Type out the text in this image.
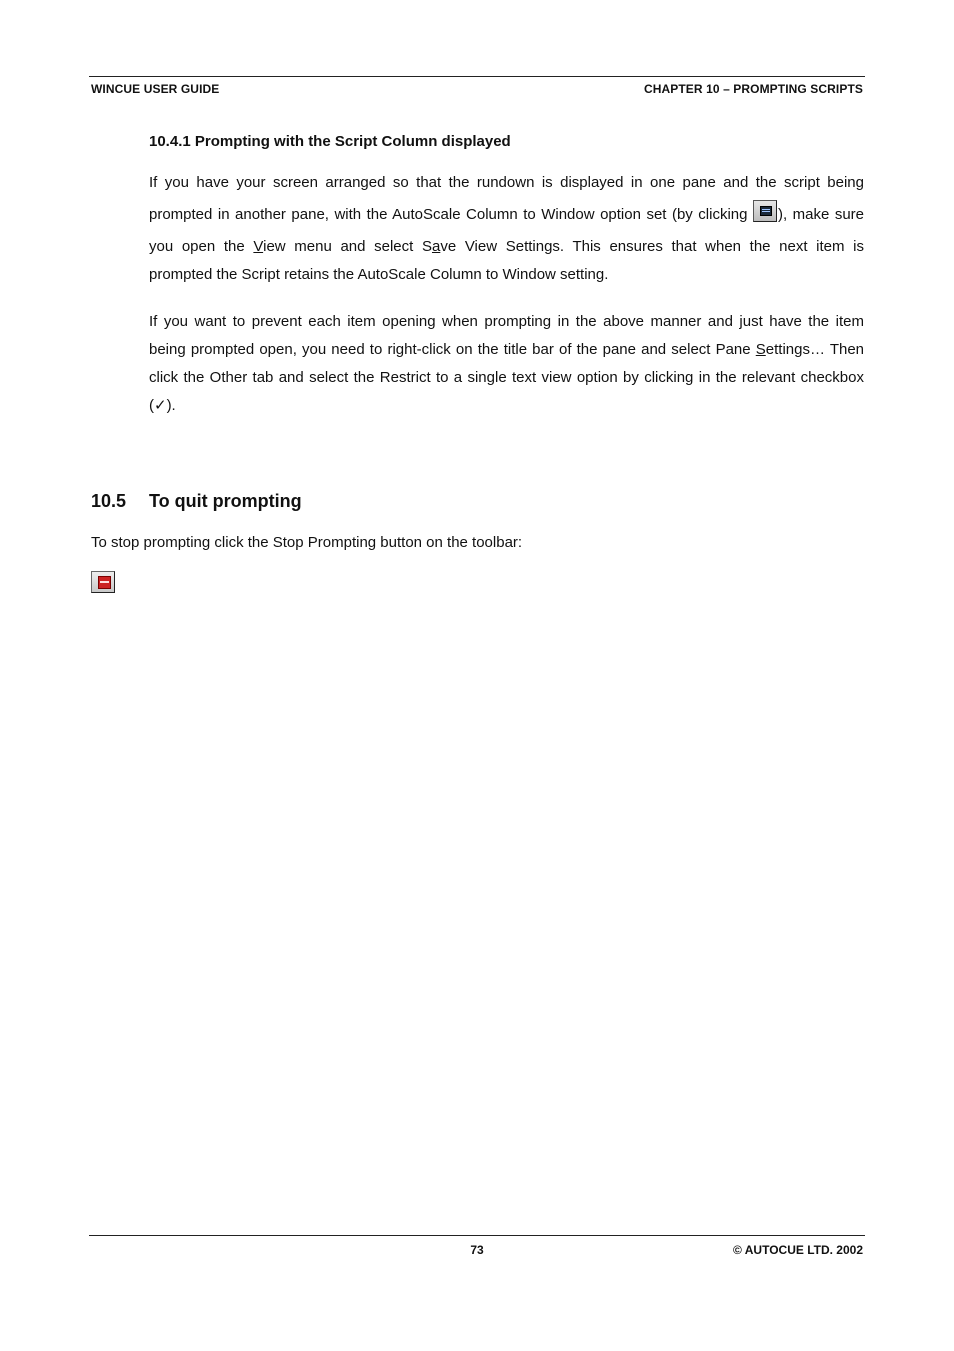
WINCUE USER GUIDE	CHAPTER 10 – PROMPTING SCRIPTS
10.4.1 Prompting with the Script Column displayed
If you have your screen arranged so that the rundown is displayed in one pane and the script being
prompted in another pane, with the AutoScale Column to Window option set (by clicking
), make sure
you open the View menu and select Save View Settings. This ensures that when the next item is
prompted the Script retains the AutoScale Column to Window setting.
If you want to prevent each item opening when prompting in the above manner and just have the item
being prompted open, you need to right-click on the title bar of the pane and select Pane Settings… Then
click the Other tab and select the Restrict to a single text view option by clicking in the relevant checkbox
(✓).
10.5 To quit prompting
To stop prompting click the Stop Prompting button on the toolbar:
73	© AUTOCUE LTD. 2002
